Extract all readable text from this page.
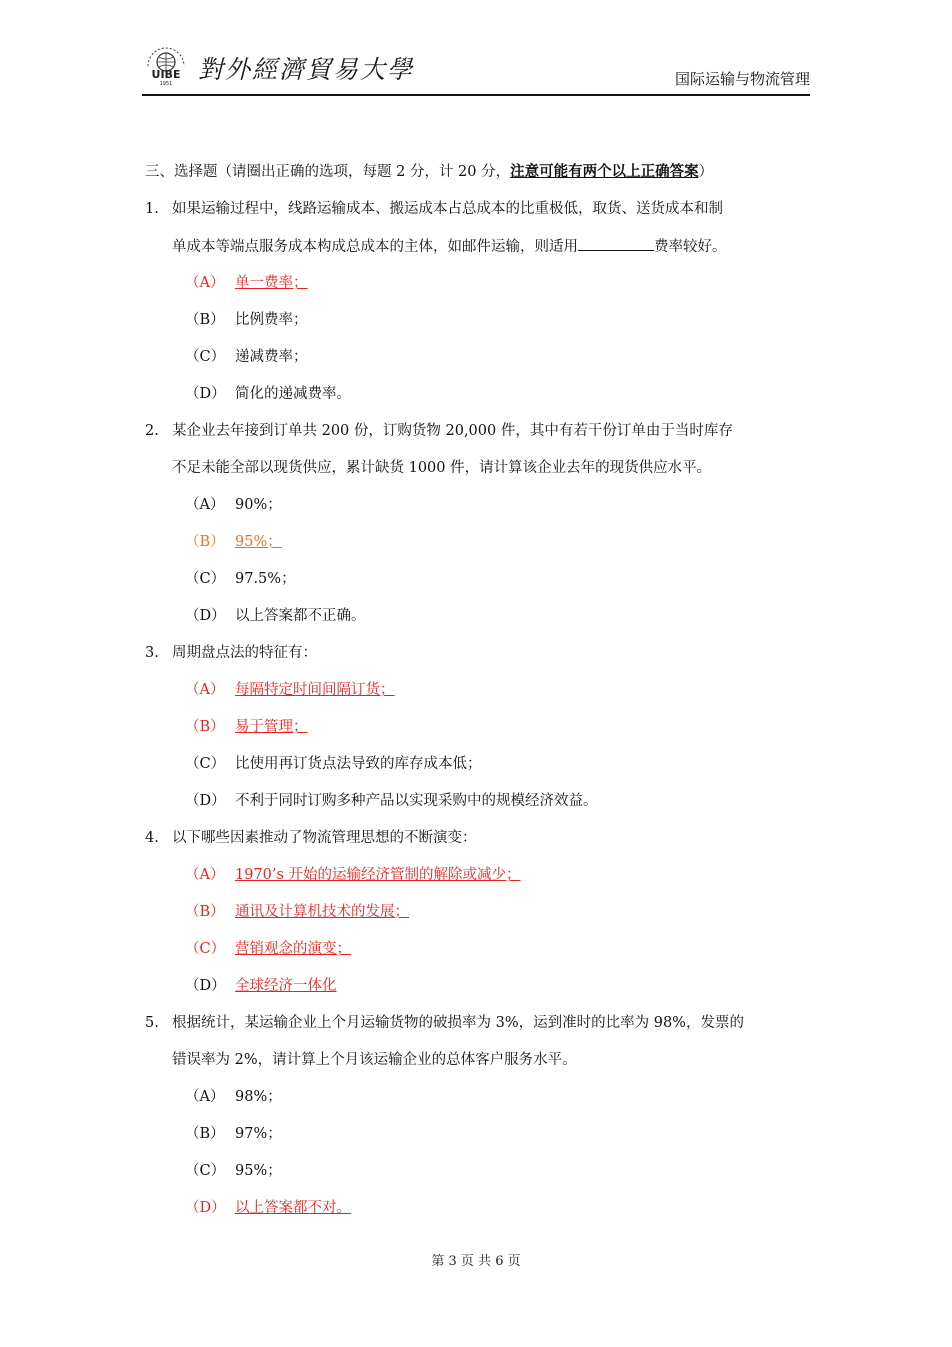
UIBE
1951 對外經濟貿易大學	国际运输与物流管理
三、选择题（请圈出正确的选项，每题 2 分，计 20 分，注意可能有两个以上正确答案）
1. 如果运输过程中，线路运输成本、搬运成本占总成本的比重极低，取货、送货成本和制
单成本等端点服务成本构成总成本的主体，如邮件运输，则适用	费率较好。
（A） 单一费率；
（B） 比例费率；
（C） 递减费率；
（D） 简化的递减费率。
2. 某企业去年接到订单共 200 份，订购货物 20,000 件，其中有若干份订单由于当时库存
不足未能全部以现货供应，累计缺货 1000 件，请计算该企业去年的现货供应水平。
（A） 90%；
（B） 95%；
（C） 97.5%；
（D） 以上答案都不正确。
3. 周期盘点法的特征有：
（A） 每隔特定时间间隔订货；
（B） 易于管理；
（C） 比使用再订货点法导致的库存成本低；
（D） 不利于同时订购多种产品以实现采购中的规模经济效益。
4. 以下哪些因素推动了物流管理思想的不断演变：
（A） 1970’s 开始的运输经济管制的解除或减少；
（B） 通讯及计算机技术的发展；
（C） 营销观念的演变；
（D） 全球经济一体化
5. 根据统计，某运输企业上个月运输货物的破损率为 3%，运到准时的比率为 98%，发票的
错误率为 2%，请计算上个月该运输企业的总体客户服务水平。
（A） 98%；
（B） 97%；
（C） 95%；
（D） 以上答案都不对。
第 3 页 共 6 页
